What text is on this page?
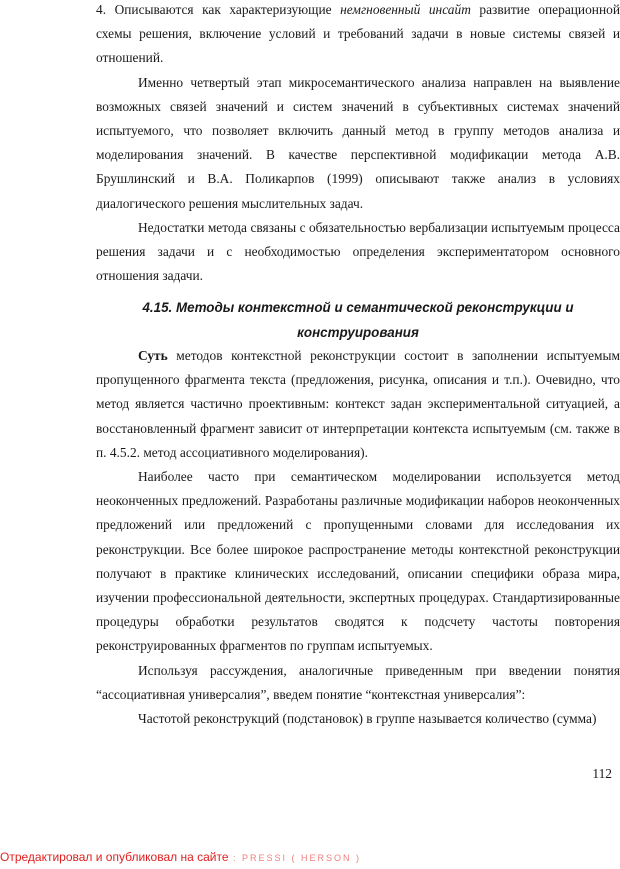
4. Описываются как характеризующие немгновенный инсайт развитие операционной схемы решения, включение условий и требований задачи в новые системы связей и отношений.

Именно четвертый этап микросемантического анализа направлен на выявление возможных связей значений и систем значений в субъективных системах значений испытуемого, что позволяет включить данный метод в группу методов анализа и моделирования значений. В качестве перспективной модификации метода А.В. Брушлинский и В.А. Поликарпов (1999) описывают также анализ в условиях диалогического решения мыслительных задач.

Недостатки метода связаны с обязательностью вербализации испытуемым процесса решения задачи и с необходимостью определения экспериментатором основного отношения задачи.

4.15. Методы контекстной и семантической реконструкции и
конструирования

Суть методов контекстной реконструкции состоит в заполнении испытуемым пропущенного фрагмента текста (предложения, рисунка, описания и т.п.). Очевидно, что метод является частично проективным: контекст задан экспериментальной ситуацией, а восстановленный фрагмент зависит от интерпретации контекста испытуемым (см. также в п. 4.5.2. метод ассоциативного моделирования).

Наиболее часто при семантическом моделировании используется метод неоконченных предложений. Разработаны различные модификации наборов неоконченных предложений или предложений с пропущенными словами для исследования их реконструкции. Все более широкое распространение методы контекстной реконструкции получают в практике клинических исследований, описании специфики образа мира, изучении профессиональной деятельности, экспертных процедурах. Стандартизированные процедуры обработки результатов сводятся к подсчету частоты повторения реконструированных фрагментов по группам испытуемых.

Используя рассуждения, аналогичные приведенным при введении понятия “ассоциативная универсалия”, введем понятие “контекстная универсалия”:

Частотой реконструкций (подстановок) в группе называется количество (сумма)

112
Отредактировал и опубликовал на сайте : PRESSI ( HERSON )
